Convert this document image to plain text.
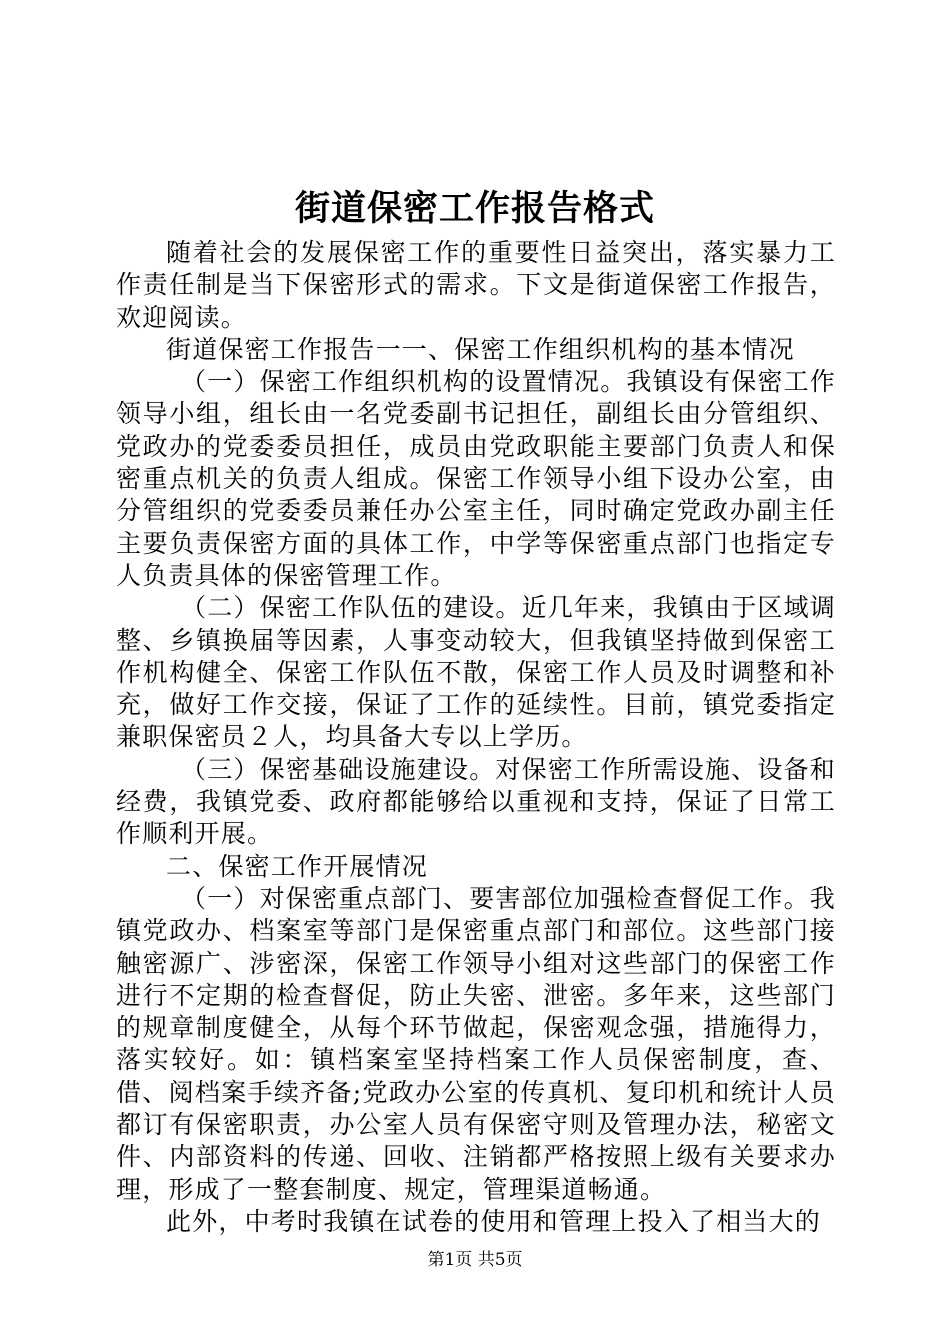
街道保密工作报告格式

随着社会的发展保密工作的重要性日益突出，落实暴力工作责任制是当下保密形式的需求。下文是街道保密工作报告，欢迎阅读。

街道保密工作报告一一、保密工作组织机构的基本情况

（一）保密工作组织机构的设置情况。我镇设有保密工作领导小组，组长由一名党委副书记担任，副组长由分管组织、党政办的党委委员担任，成员由党政职能主要部门负责人和保密重点机关的负责人组成。保密工作领导小组下设办公室，由分管组织的党委委员兼任办公室主任，同时确定党政办副主任主要负责保密方面的具体工作，中学等保密重点部门也指定专人负责具体的保密管理工作。

（二）保密工作队伍的建设。近几年来，我镇由于区域调整、乡镇换届等因素，人事变动较大，但我镇坚持做到保密工作机构健全、保密工作队伍不散，保密工作人员及时调整和补充，做好工作交接，保证了工作的延续性。目前，镇党委指定兼职保密员２人，均具备大专以上学历。

（三）保密基础设施建设。对保密工作所需设施、设备和经费，我镇党委、政府都能够给以重视和支持，保证了日常工作顺利开展。

二、保密工作开展情况

（一）对保密重点部门、要害部位加强检查督促工作。我镇党政办、档案室等部门是保密重点部门和部位。这些部门接触密源广、涉密深，保密工作领导小组对这些部门的保密工作进行不定期的检查督促，防止失密、泄密。多年来，这些部门的规章制度健全，从每个环节做起，保密观念强，措施得力，落实较好。如：镇档案室坚持档案工作人员保密制度，查、借、阅档案手续齐备;党政办公室的传真机、复印机和统计人员都订有保密职责，办公室人员有保密守则及管理办法，秘密文件、内部资料的传递、回收、注销都严格按照上级有关要求办理，形成了一整套制度、规定，管理渠道畅通。

此外，中考时我镇在试卷的使用和管理上投入了相当大的

第1页 共5页
